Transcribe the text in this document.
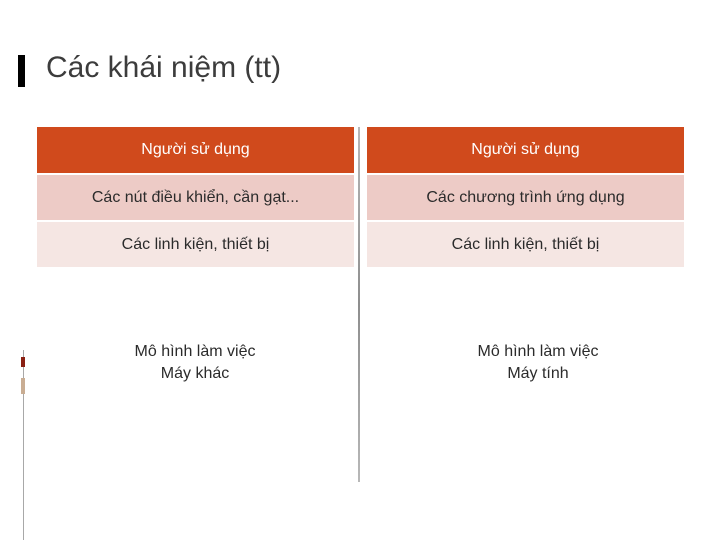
Các khái niệm (tt)
Người sử dụng
Các nút điều khiển, cần gạt...
Các linh kiện, thiết bị
Người sử dụng
Các chương trình ứng dụng
Các linh kiện, thiết bị
Mô hình làm việc
Máy khác
Mô hình làm việc
Máy tính
